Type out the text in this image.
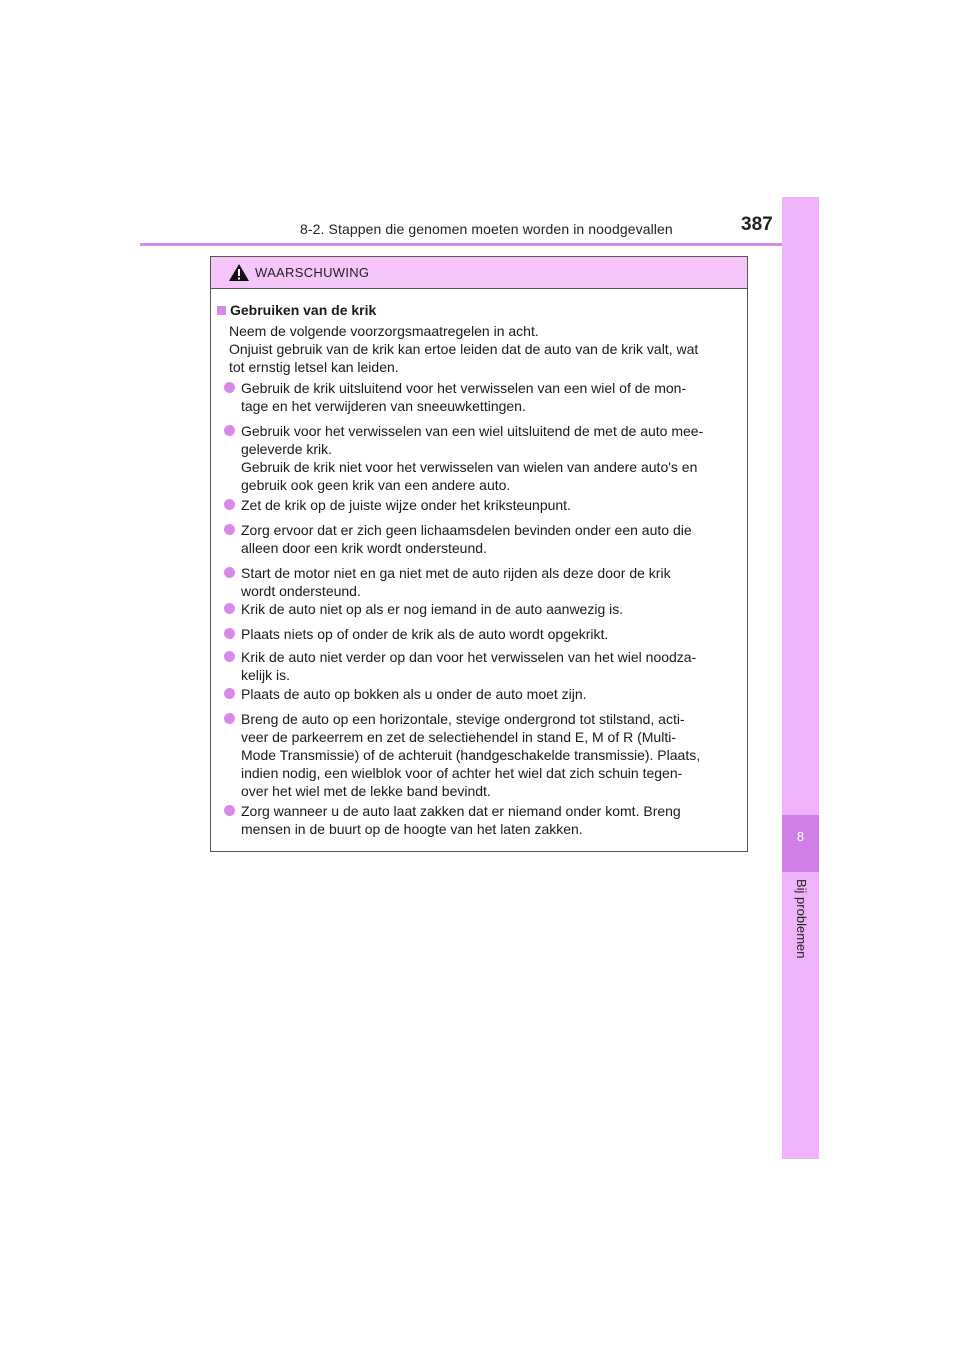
8-2. Stappen die genomen moeten worden in noodgevallen	387
8
Bij problemen
WAARSCHUWING
Gebruiken van de krik
Neem de volgende voorzorgsmaatregelen in acht.
Onjuist gebruik van de krik kan ertoe leiden dat de auto van de krik valt, wat
tot ernstig letsel kan leiden.
Gebruik de krik uitsluitend voor het verwisselen van een wiel of de mon-
tage en het verwijderen van sneeuwkettingen.
Gebruik voor het verwisselen van een wiel uitsluitend de met de auto mee-
geleverde krik.
Gebruik de krik niet voor het verwisselen van wielen van andere auto's en
gebruik ook geen krik van een andere auto.
Zet de krik op de juiste wijze onder het kriksteunpunt.
Zorg ervoor dat er zich geen lichaamsdelen bevinden onder een auto die
alleen door een krik wordt ondersteund.
Start de motor niet en ga niet met de auto rijden als deze door de krik
wordt ondersteund.
Krik de auto niet op als er nog iemand in de auto aanwezig is.
Plaats niets op of onder de krik als de auto wordt opgekrikt.
Krik de auto niet verder op dan voor het verwisselen van het wiel noodza-
kelijk is.
Plaats de auto op bokken als u onder de auto moet zijn.
Breng de auto op een horizontale, stevige ondergrond tot stilstand, acti-
veer de parkeerrem en zet de selectiehendel in stand E, M of R (Multi-
Mode Transmissie) of de achteruit (handgeschakelde transmissie). Plaats,
indien nodig, een wielblok voor of achter het wiel dat zich schuin tegen-
over het wiel met de lekke band bevindt.
Zorg wanneer u de auto laat zakken dat er niemand onder komt. Breng
mensen in de buurt op de hoogte van het laten zakken.
